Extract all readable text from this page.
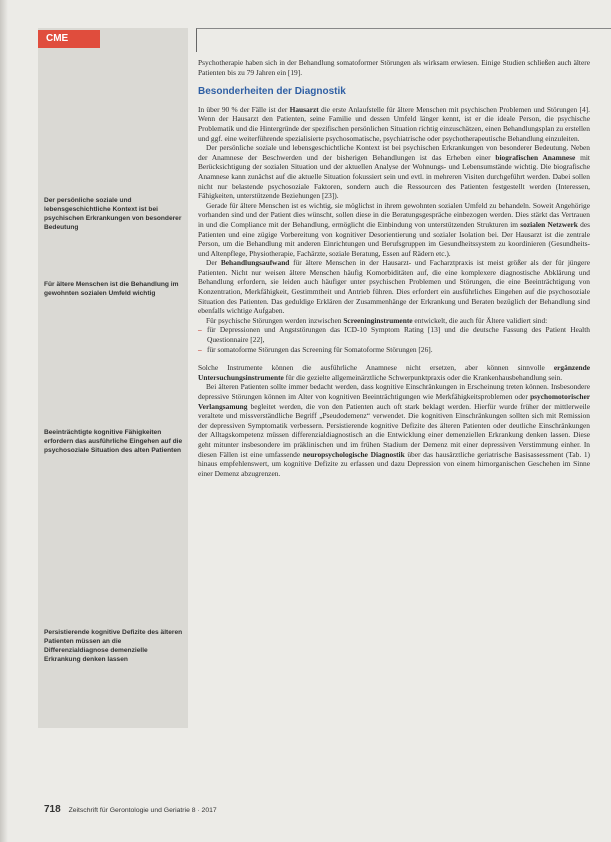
CME
Der persönliche soziale und lebensgeschichtliche Kontext ist bei psychischen Erkrankungen von besonderer Bedeutung
Für ältere Menschen ist die Behandlung im gewohnten sozialen Umfeld wichtig
Beeinträchtigte kognitive Fähigkeiten erfordern das ausführliche Eingehen auf die psychosoziale Situation des alten Patienten
Persistierende kognitive Defizite des älteren Patienten müssen an die Differenzialdiagnose demenzielle Erkrankung denken lassen

Psychotherapie haben sich in der Behandlung somatoformer Störungen als wirksam erwiesen. Einige Studien schließen auch ältere Patienten bis zu 79 Jahren ein [19].

Besonderheiten der Diagnostik

In über 90 % der Fälle ist der Hausarzt die erste Anlaufstelle für ältere Menschen mit psychischen Problemen und Störungen [4]. Wenn der Hausarzt den Patienten, seine Familie und dessen Umfeld länger kennt, ist er die ideale Person, die psychische Problematik und die Hintergründe der spezifischen persönlichen Situation richtig einzuschätzen, einen Behandlungsplan zu erstellen und ggf. eine weiterführende spezialisierte psychosomatische, psychiatrische oder psychotherapeutische Behandlung einzuleiten.

Der persönliche soziale und lebensgeschichtliche Kontext ist bei psychischen Erkrankungen von besonderer Bedeutung. Neben der Anamnese der Beschwerden und der bisherigen Behandlungen ist das Erheben einer biografischen Anamnese mit Berücksichtigung der sozialen Situation und der aktuellen Analyse der Wohnungs- und Lebensumstände wichtig. Die biografische Anamnese kann zunächst auf die aktuelle Situation fokussiert sein und evtl. in mehreren Visiten durchgeführt werden. Dabei sollen nicht nur belastende psychosoziale Faktoren, sondern auch die Ressourcen des Patienten festgestellt werden (Interessen, Fähigkeiten, unterstützende Beziehungen [23]).

Gerade für ältere Menschen ist es wichtig, sie möglichst in ihrem gewohnten sozialen Umfeld zu behandeln. Soweit Angehörige vorhanden sind und der Patient dies wünscht, sollen diese in die Beratungsgespräche einbezogen werden. Dies stärkt das Vertrauen in und die Compliance mit der Behandlung, ermöglicht die Einbindung von unterstützenden Strukturen im sozialen Netzwerk des Patienten und eine zügige Vorbereitung von kognitiver Desorientierung und sozialer Isolation bei. Der Hausarzt ist die zentrale Person, um die Behandlung mit anderen Einrichtungen und Berufsgruppen im Gesundheitssystem zu koordinieren (Gesundheits- und Altenpflege, Physiotherapie, Fachärzte, soziale Beratung, Essen auf Rädern etc.).

Der Behandlungsaufwand für ältere Menschen in der Hausarzt- und Facharztpraxis ist meist größer als der für jüngere Patienten. Nicht nur weisen ältere Menschen häufig Komorbiditäten auf, die eine komplexere diagnostische Abklärung und Behandlung erfordern, sie leiden auch häufiger unter psychischen Problemen und Störungen, die eine Beeinträchtigung von Konzentration, Merkfähigkeit, Gestimmtheit und Antrieb führen. Dies erfordert ein ausführliches Eingehen auf die psychosoziale Situation des Patienten. Das geduldige Erklären der Zusammenhänge der Erkrankung und Beraten bezüglich der Behandlung sind ebenfalls wichtige Aufgaben.

Für psychische Störungen werden inzwischen Screeninginstrumente entwickelt, die auch für Ältere validiert sind:

– für Depressionen und Angststörungen das ICD-10 Symptom Rating [13] und die deutsche Fassung des Patient Health Questionnaire [22],
– für somatoforme Störungen das Screening für Somatoforme Störungen [26].

Solche Instrumente können die ausführliche Anamnese nicht ersetzen, aber können sinnvolle ergänzende Untersuchungsinstrumente für die gezielte allgemeinärztliche Schwerpunktpraxis oder die Krankenhausbehandlung sein.

Bei älteren Patienten sollte immer bedacht werden, dass kognitive Einschränkungen in Erscheinung treten können. Insbesondere depressive Störungen können im Alter von kognitiven Beeinträchtigungen wie Merkfähigkeitsproblemen oder psychomotorischer Verlangsamung begleitet werden, die von den Patienten auch oft stark beklagt werden. Hierfür wurde früher der mittlerweile veraltete und missverständliche Begriff „Pseudodemenz“ verwendet. Die kognitiven Einschränkungen sollten sich mit Remission der depressiven Symptomatik verbessern. Persistierende kognitive Defizite des älteren Patienten oder deutliche Einschränkungen der Alltagskompetenz müssen differenzialdiagnostisch an die Entwicklung einer demenziellen Erkrankung denken lassen. Diese geht mitunter insbesondere im präklinischen und im frühen Stadium der Demenz mit einer depressiven Verstimmung einher. In diesen Fällen ist eine umfassende neuropsychologische Diagnostik über das hausärztliche geriatrische Basisassessment (Tab. 1) hinaus empfehlenswert, um kognitive Defizite zu erfassen und dazu Depression von einem hirnorganischen Geschehen im Sinne einer Demenz abzugrenzen.

718 Zeitschrift für Gerontologie und Geriatrie 8 · 2017
